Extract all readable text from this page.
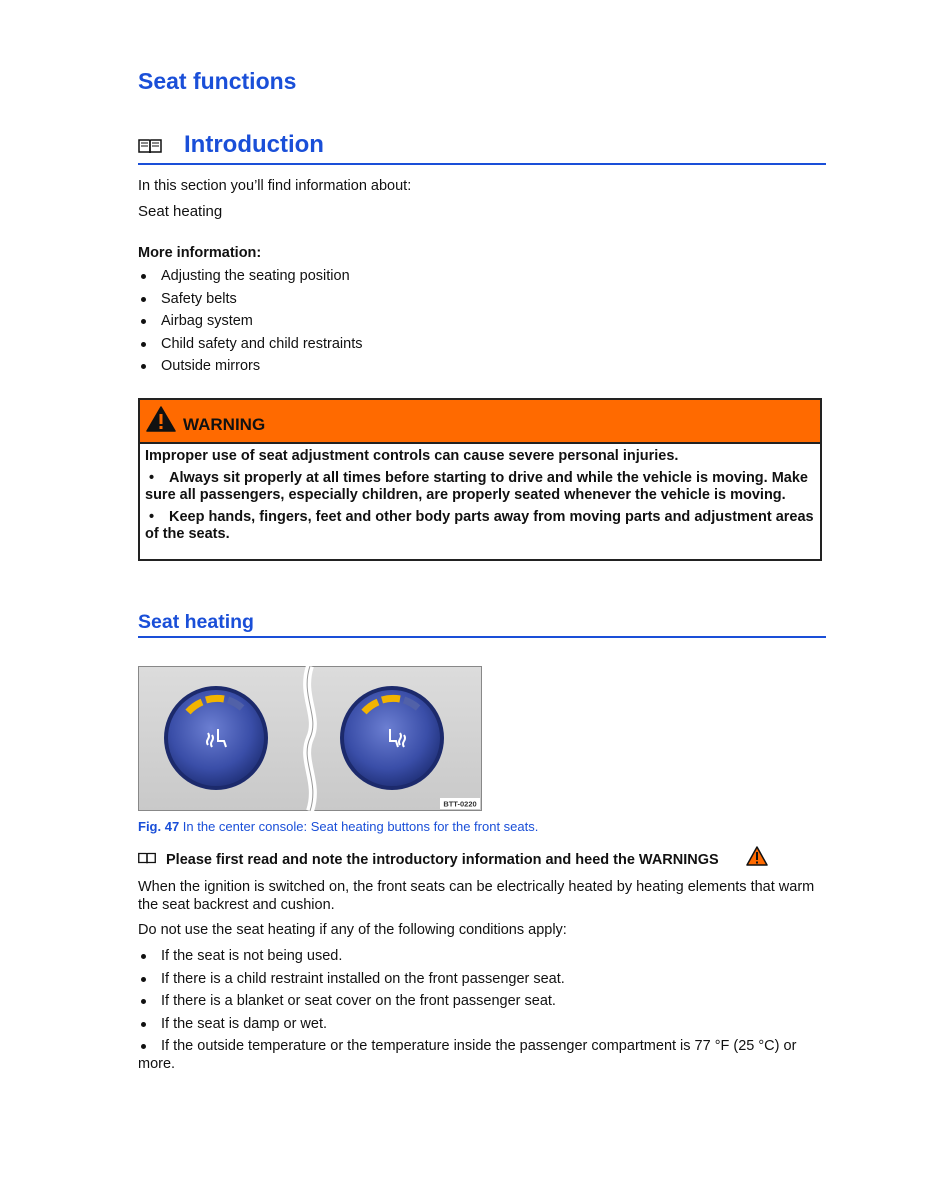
Seat functions
Introduction
In this section you’ll find information about:
Seat heating
More information:
Adjusting the seating position
Safety belts
Airbag system
Child safety and child restraints
Outside mirrors
WARNING
Improper use of seat adjustment controls can cause severe personal injuries.
• Always sit properly at all times before starting to drive and while the vehicle is moving. Make sure all passengers, especially children, are properly seated whenever the vehicle is moving.
• Keep hands, fingers, feet and other body parts away from moving parts and adjustment areas of the seats.
Seat heating
BTT-0220
Fig. 47 In the center console: Seat heating buttons for the front seats.
Please first read and note the introductory information and heed the WARNINGS
When the ignition is switched on, the front seats can be electrically heated by heating elements that warm the seat backrest and cushion.
Do not use the seat heating if any of the following conditions apply:
If the seat is not being used.
If there is a child restraint installed on the front passenger seat.
If there is a blanket or seat cover on the front passenger seat.
If the seat is damp or wet.
If the outside temperature or the temperature inside the passenger compartment is 77 °F (25 °C) or more.
